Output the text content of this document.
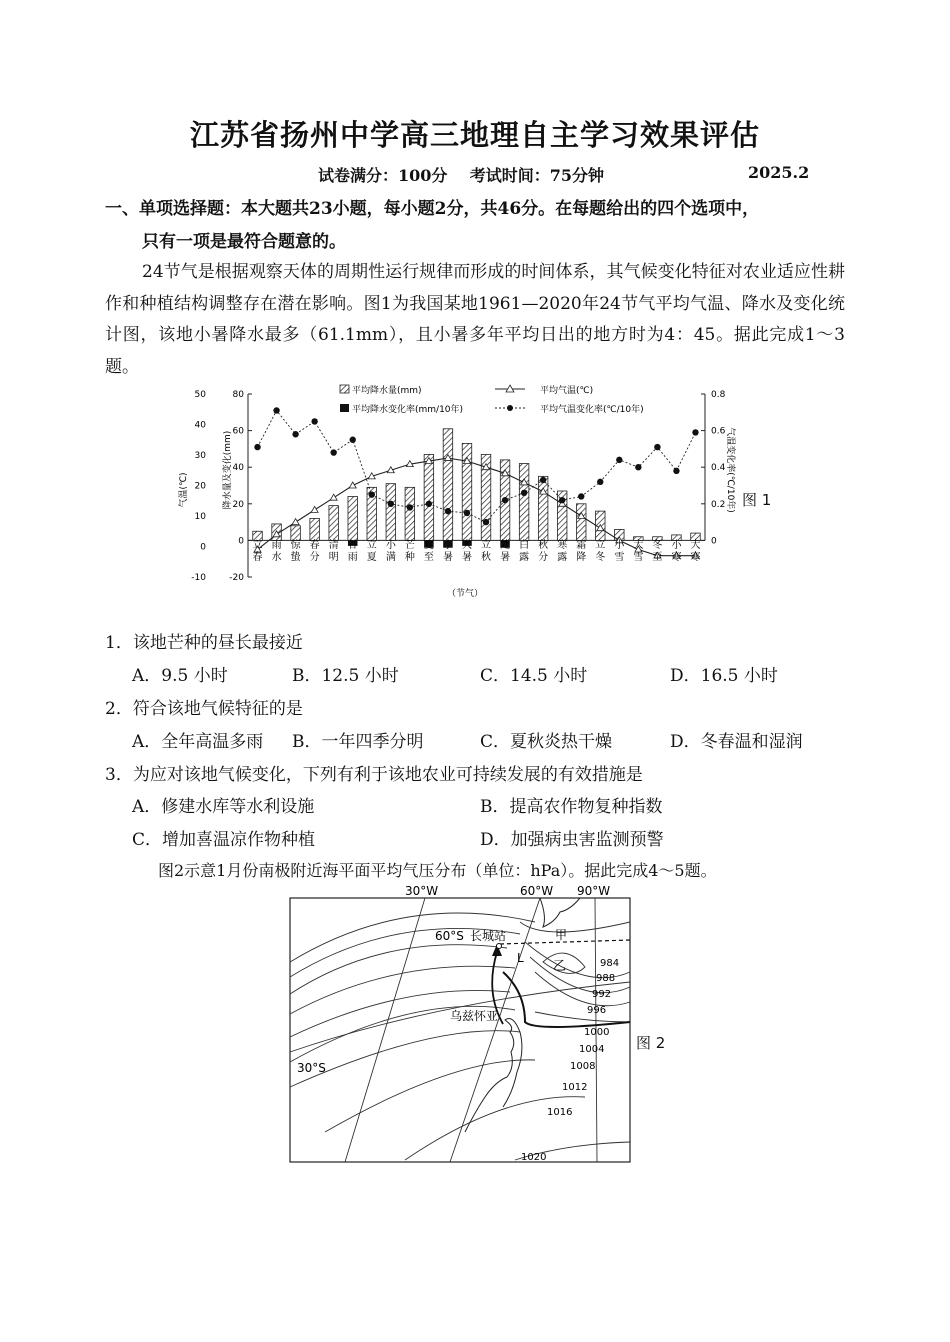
江苏省扬州中学高三地理自主学习效果评估
试卷满分：100分 考试时间：75分钟	2025.2
一、单项选择题：本大题共23小题，每小题2分，共46分。在每题给出的四个选项中，
只有一项是最符合题意的。
24节气是根据观察天体的周期性运行规律而形成的时间体系，其气候变化特征对农业适应性耕作和种植结构调整存在潜在影响。图1为我国某地1961—2020年24节气平均气温、降水及变化统计图，该地小暑降水最多（61.1mm），且小暑多年平均日出的地方时为4：45。据此完成1～3题。
气温(℃)	降水量及变化(mm)	气温变化率(℃/10年)
（节气）
平均降水量(mm)	平均气温(℃)
平均降水变化率(mm/10年)	平均气温变化率(℃/10年)
50
40
30
20
10
0
-10
80
60
40
20
0
-20
0.8
0.6
0.4
0.2
0
立
春
雨
水
惊
蛰
春
分
清
明
谷
雨
立
夏
小
满
芒
种
夏
至
小
暑
大
暑
立
秋
处
暑
白
露
秋
分
寒
露
霜
降
立
冬
小
雪
大
雪
冬
至
小
寒
大
寒
图 1
1．该地芒种的昼长最接近
A．9.5 小时	B．12.5 小时	C．14.5 小时	D．16.5 小时
2．符合该地气候特征的是
A．全年高温多雨 B．一年四季分明	C．夏秋炎热干燥	D．冬春温和湿润
3．为应对该地气候变化，下列有利于该地农业可持续发展的有效措施是
A．修建水库等水利设施	B．提高农作物复种指数
C．增加喜温凉作物种植	D．加强病虫害监测预警
图2示意1月份南极附近海平面平均气压分布（单位：hPa）。据此完成4～5题。
30°W	60°W 90°W
60°S
30°S
长城站	甲
乙
L
乌兹怀亚
984
988
992
996
1000
1004
1008
1012
1016
1020
图 2
